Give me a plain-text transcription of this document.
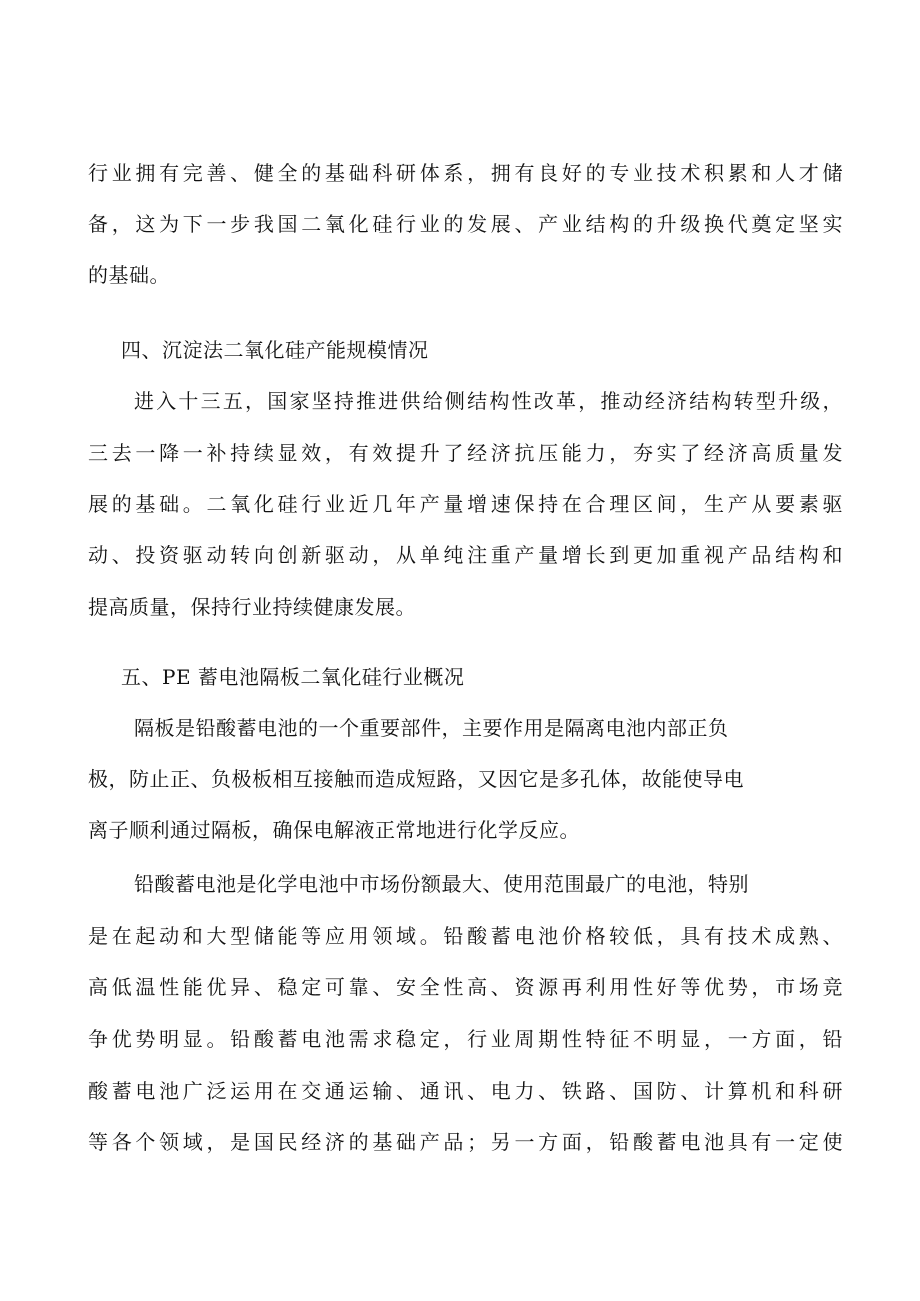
行业拥有完善、健全的基础科研体系，拥有良好的专业技术积累和人才储
备，这为下一步我国二氧化硅行业的发展、产业结构的升级换代奠定坚实
的基础。
四、沉淀法二氧化硅产能规模情况
进入十三五，国家坚持推进供给侧结构性改革，推动经济结构转型升级，
三去一降一补持续显效，有效提升了经济抗压能力，夯实了经济高质量发
展的基础。二氧化硅行业近几年产量增速保持在合理区间，生产从要素驱
动、投资驱动转向创新驱动，从单纯注重产量增长到更加重视产品结构和
提高质量，保持行业持续健康发展。
五、PE 蓄电池隔板二氧化硅行业概况
隔板是铅酸蓄电池的一个重要部件，主要作用是隔离电池内部正负
极，防止正、负极板相互接触而造成短路，又因它是多孔体，故能使导电
离子顺利通过隔板，确保电解液正常地进行化学反应。
铅酸蓄电池是化学电池中市场份额最大、使用范围最广的电池，特别
是在起动和大型储能等应用领域。铅酸蓄电池价格较低，具有技术成熟、
高低温性能优异、稳定可靠、安全性高、资源再利用性好等优势，市场竞
争优势明显。铅酸蓄电池需求稳定，行业周期性特征不明显，一方面，铅
酸蓄电池广泛运用在交通运输、通讯、电力、铁路、国防、计算机和科研
等各个领域，是国民经济的基础产品；另一方面，铅酸蓄电池具有一定使
